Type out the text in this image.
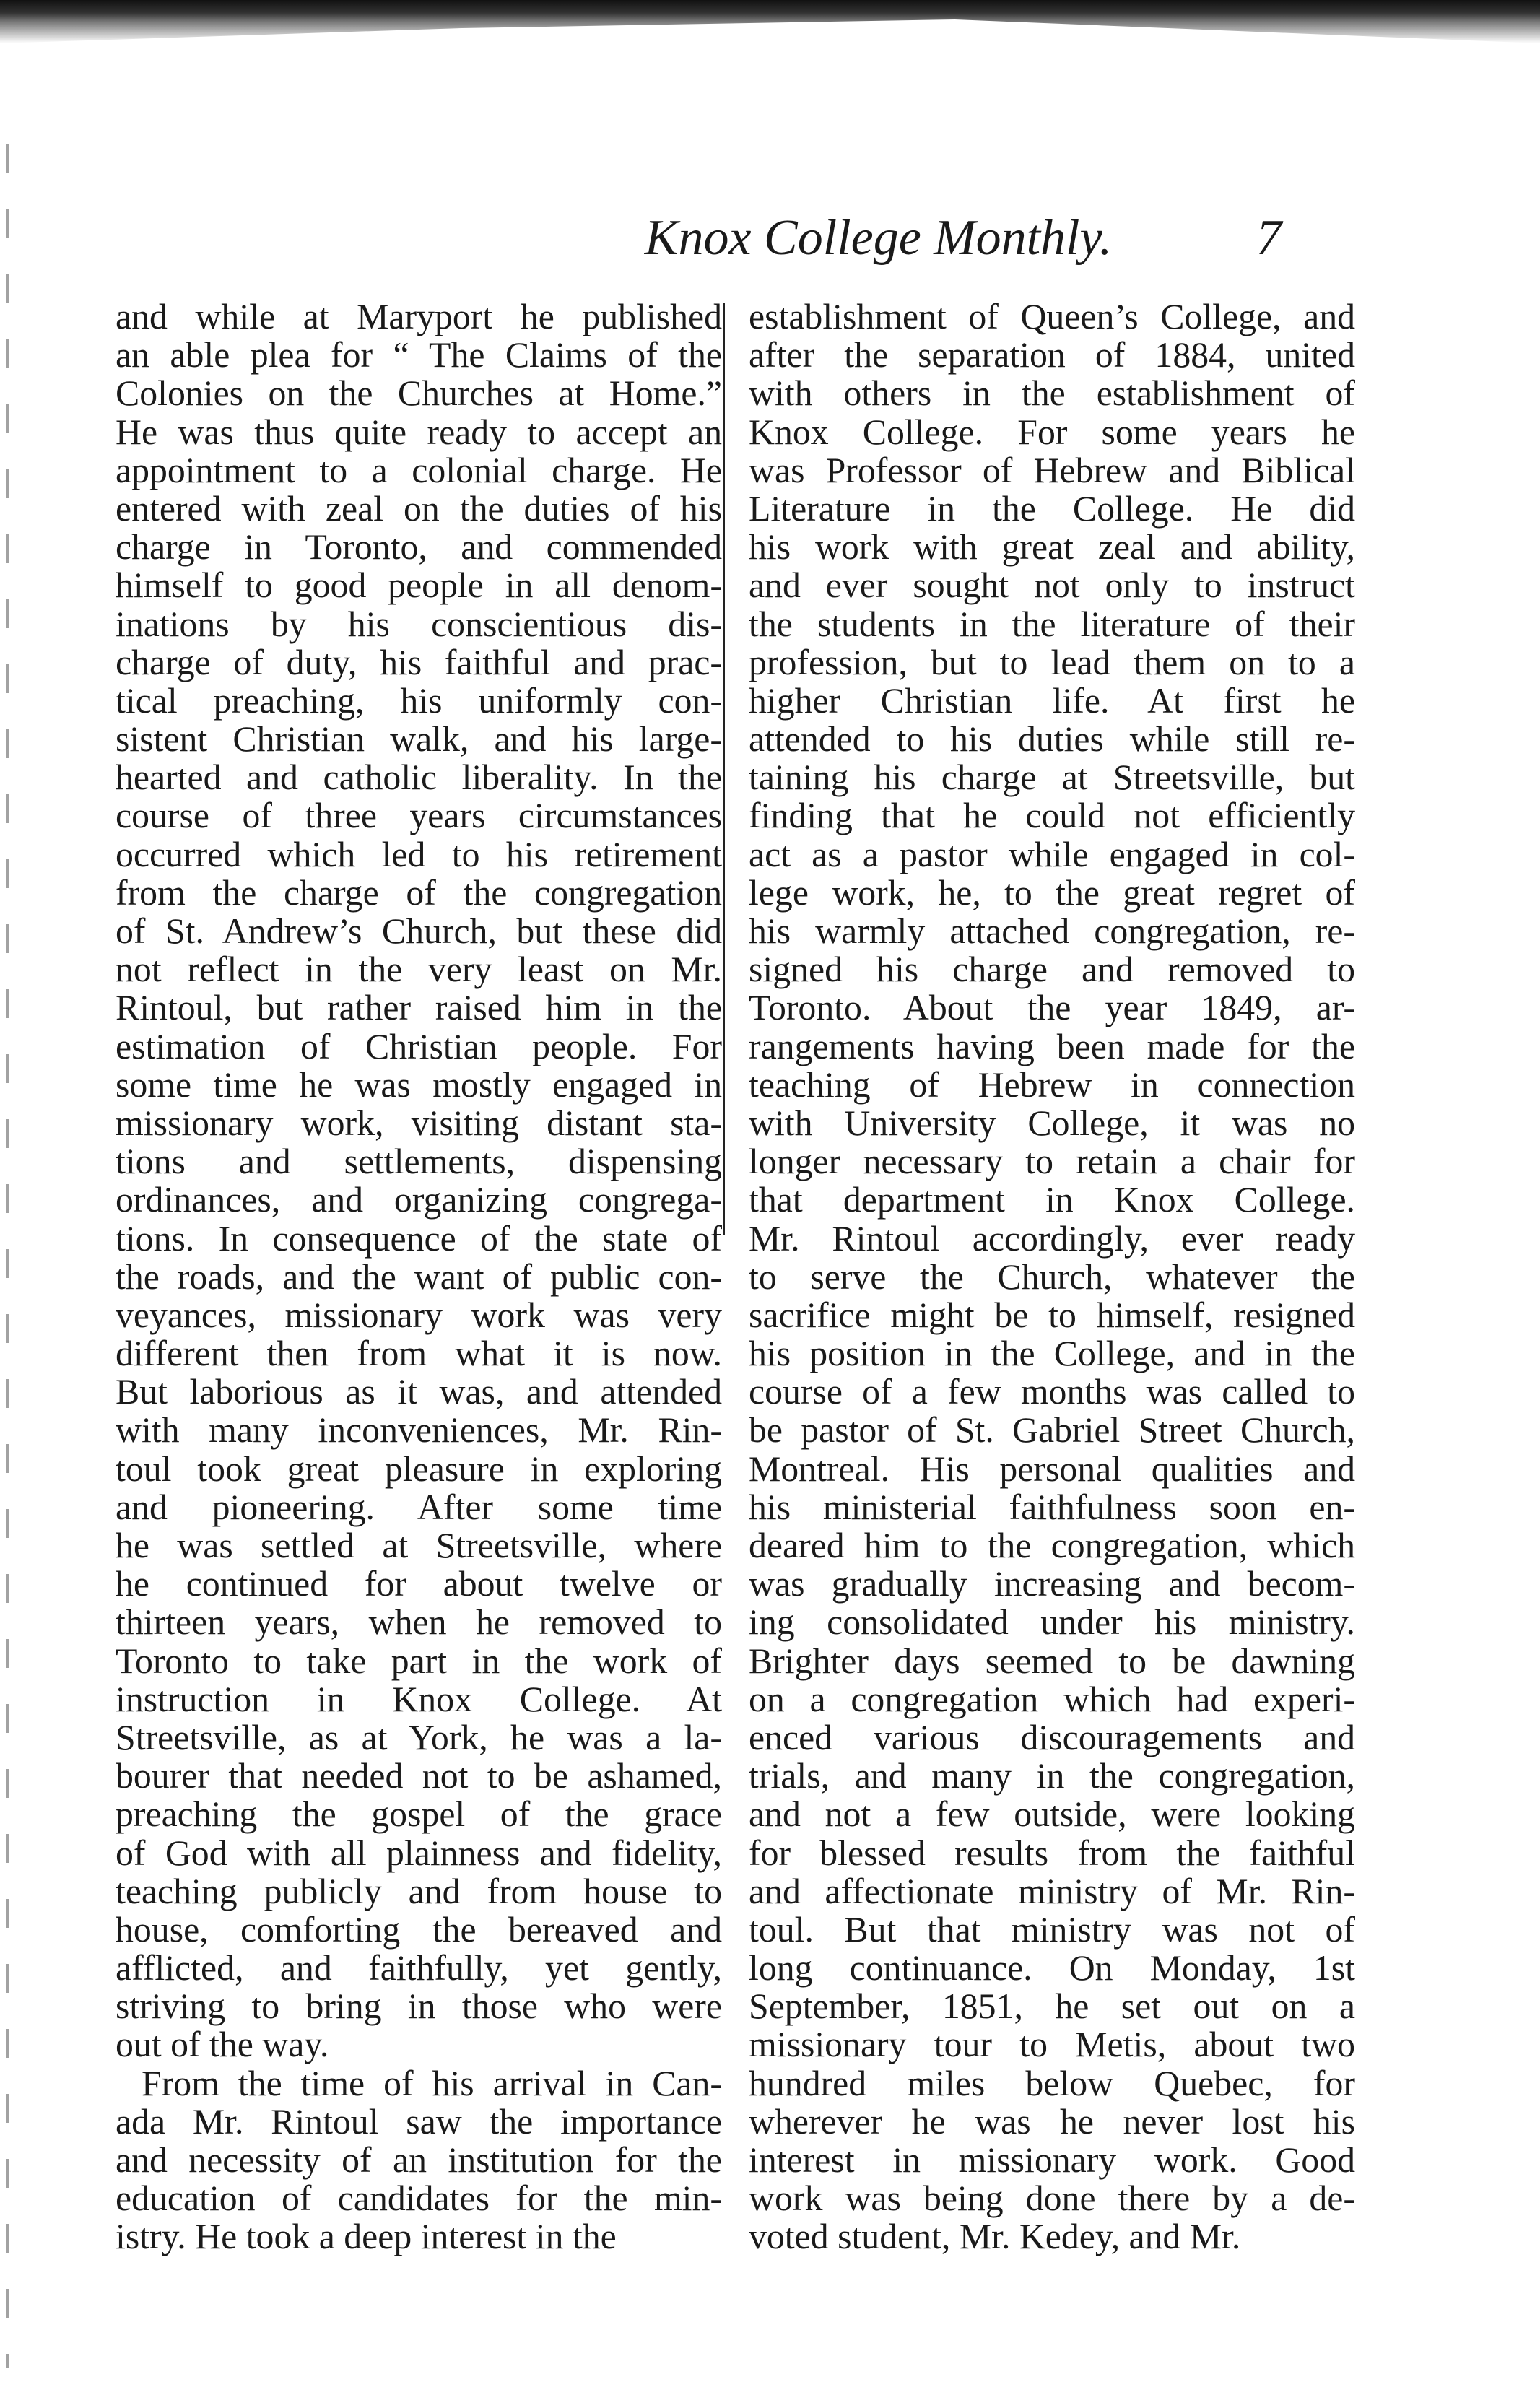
Knox College Monthly.	7
and while at Maryport he published
an able plea for “ The Claims of the
Colonies on the Churches at Home.”
He was thus quite ready to accept an
appointment to a colonial charge. He
entered with zeal on the duties of his
charge in Toronto, and commended
himself to good people in all denom-
inations by his conscientious dis-
charge of duty, his faithful and prac-
tical preaching, his uniformly con-
sistent Christian walk, and his large-
hearted and catholic liberality. In the
course of three years circumstances
occurred which led to his retirement
from the charge of the congregation
of St. Andrew’s Church, but these did
not reflect in the very least on Mr.
Rintoul, but rather raised him in the
estimation of Christian people. For
some time he was mostly engaged in
missionary work, visiting distant sta-
tions and settlements, dispensing
ordinances, and organizing congrega-
tions. In consequence of the state of
the roads, and the want of public con-
veyances, missionary work was very
different then from what it is now.
But laborious as it was, and attended
with many inconveniences, Mr. Rin-
toul took great pleasure in exploring
and pioneering. After some time
he was settled at Streetsville, where
he continued for about twelve or
thirteen years, when he removed to
Toronto to take part in the work of
instruction in Knox College. At
Streetsville, as at York, he was a la-
bourer that needed not to be ashamed,
preaching the gospel of the grace
of God with all plainness and fidelity,
teaching publicly and from house to
house, comforting the bereaved and
afflicted, and faithfully, yet gently,
striving to bring in those who were
out of the way.
From the time of his arrival in Can-
ada Mr. Rintoul saw the importance
and necessity of an institution for the
education of candidates for the min-
istry. He took a deep interest in the
establishment of Queen’s College, and
after the separation of 1884, united
with others in the establishment of
Knox College. For some years he
was Professor of Hebrew and Biblical
Literature in the College. He did
his work with great zeal and ability,
and ever sought not only to instruct
the students in the literature of their
profession, but to lead them on to a
higher Christian life. At first he
attended to his duties while still re-
taining his charge at Streetsville, but
finding that he could not efficiently
act as a pastor while engaged in col-
lege work, he, to the great regret of
his warmly attached congregation, re-
signed his charge and removed to
Toronto. About the year 1849, ar-
rangements having been made for the
teaching of Hebrew in connection
with University College, it was no
longer necessary to retain a chair for
that department in Knox College.
Mr. Rintoul accordingly, ever ready
to serve the Church, whatever the
sacrifice might be to himself, resigned
his position in the College, and in the
course of a few months was called to
be pastor of St. Gabriel Street Church,
Montreal. His personal qualities and
his ministerial faithfulness soon en-
deared him to the congregation, which
was gradually increasing and becom-
ing consolidated under his ministry.
Brighter days seemed to be dawning
on a congregation which had experi-
enced various discouragements and
trials, and many in the congregation,
and not a few outside, were looking
for blessed results from the faithful
and affectionate ministry of Mr. Rin-
toul. But that ministry was not of
long continuance. On Monday, 1st
September, 1851, he set out on a
missionary tour to Metis, about two
hundred miles below Quebec, for
wherever he was he never lost his
interest in missionary work. Good
work was being done there by a de-
voted student, Mr. Kedey, and Mr.
